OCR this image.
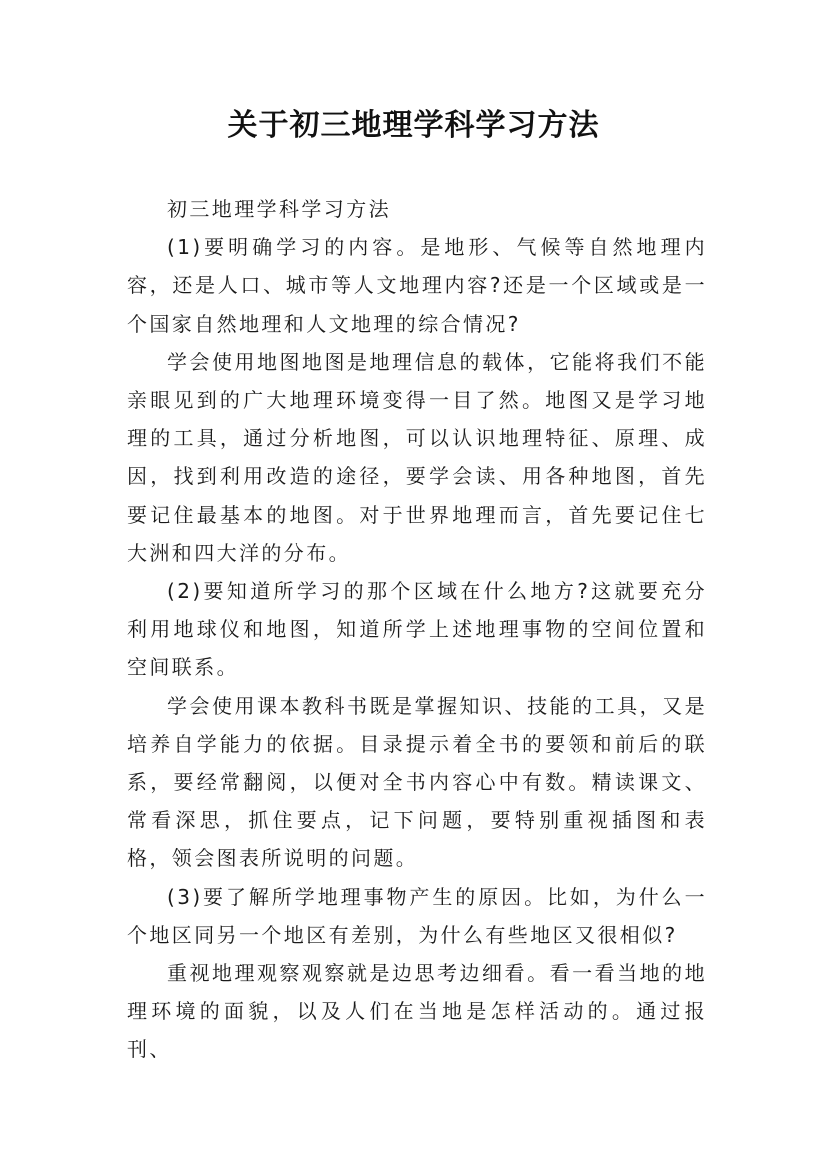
关于初三地理学科学习方法

初三地理学科学习方法

(1)要明确学习的内容。是地形、气候等自然地理内容，还是人口、城市等人文地理内容?还是一个区域或是一个国家自然地理和人文地理的综合情况?

学会使用地图地图是地理信息的载体，它能将我们不能亲眼见到的广大地理环境变得一目了然。地图又是学习地理的工具，通过分析地图，可以认识地理特征、原理、成因，找到利用改造的途径，要学会读、用各种地图，首先要记住最基本的地图。对于世界地理而言，首先要记住七大洲和四大洋的分布。

(2)要知道所学习的那个区域在什么地方?这就要充分利用地球仪和地图，知道所学上述地理事物的空间位置和空间联系。

学会使用课本教科书既是掌握知识、技能的工具，又是培养自学能力的依据。目录提示着全书的要领和前后的联系，要经常翻阅，以便对全书内容心中有数。精读课文、常看深思，抓住要点，记下问题，要特别重视插图和表格，领会图表所说明的问题。

(3)要了解所学地理事物产生的原因。比如，为什么一个地区同另一个地区有差别，为什么有些地区又很相似?

重视地理观察观察就是边思考边细看。看一看当地的地理环境的面貌，以及人们在当地是怎样活动的。通过报刊、
